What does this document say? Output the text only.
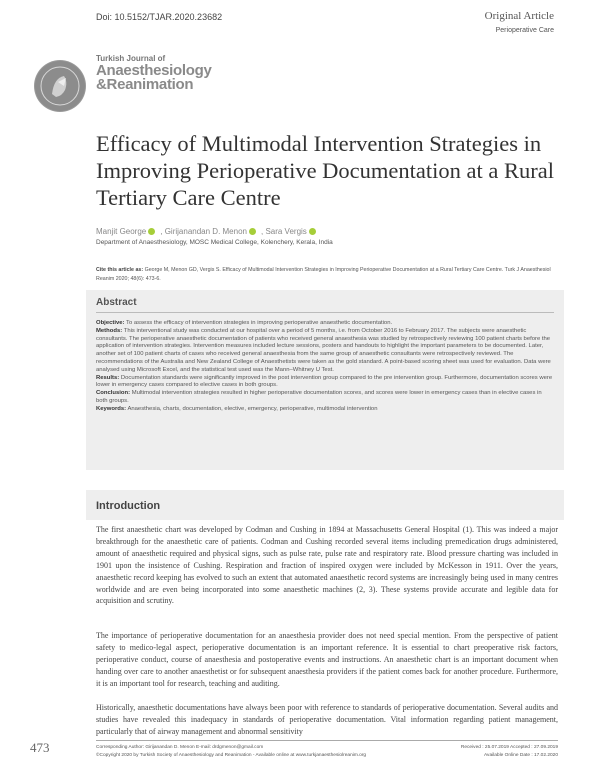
Doi: 10.5152/TJAR.2020.23682	Original Article
Perioperative Care
Turkish Journal of
Anaesthesiology
&Reanimation
Efficacy of Multimodal Intervention Strategies in Improving Perioperative Documentation at a Rural Tertiary Care Centre
Manjit George , Girijanandan D. Menon , Sara Vergis
Department of Anaesthesiology, MOSC Medical College, Kolenchery, Kerala, India
Cite this article as: George M, Menon GD, Vergis S. Efficacy of Multimodal Intervention Strategies in Improving Perioperative Documentation at a Rural Tertiary Care Centre. Turk J Anaesthesiol Reanim 2020; 48(6): 473-6.
Abstract
Objective: To assess the efficacy of intervention strategies in improving perioperative anaesthetic documentation.
Methods: This interventional study was conducted at our hospital over a period of 5 months, i.e. from October 2016 to February 2017. The subjects were anaesthetic consultants. The perioperative anaesthetic documentation of patients who received general anaesthesia was studied by retrospectively reviewing 100 patient charts before the application of intervention strategies. Intervention measures included lecture sessions, posters and handouts to highlight the important parameters to be documented. Later, another set of 100 patient charts of cases who received general anaesthesia from the same group of anaesthetic consultants were retrospectively reviewed. The recommendations of the Australia and New Zealand College of Anaesthetists were taken as the gold standard. A point-based scoring sheet was used for evaluation. Data were analysed using Microsoft Excel, and the statistical test used was the Mann–Whitney U Test.
Results: Documentation standards were significantly improved in the post intervention group compared to the pre intervention group. Furthermore, documentation scores were lower in emergency cases compared to elective cases in both groups.
Conclusion: Multimodal intervention strategies resulted in higher perioperative documentation scores, and scores were lower in emergency cases than in elective cases in both groups.
Keywords: Anaesthesia, charts, documentation, elective, emergency, perioperative, multimodal intervention
Introduction
The first anaesthetic chart was developed by Codman and Cushing in 1894 at Massachusetts General Hospital (1). This was indeed a major breakthrough for the anaesthetic care of patients. Codman and Cushing recorded several items including premedication drugs administered, amount of anaesthetic required and physical signs, such as pulse rate, pulse rate and respiratory rate. Blood pressure charting was included in 1901 upon the insistence of Cushing. Respiration and fraction of inspired oxygen were included by McKesson in 1911. Over the years, anaesthetic record keeping has evolved to such an extent that automated anaesthetic record systems are increasingly being used in many centres worldwide and are even being incorporated into some anaesthetic machines (2, 3). These systems provide accurate and legible data for acquisition and scrutiny.
The importance of perioperative documentation for an anaesthesia provider does not need special mention. From the perspective of patient safety to medico-legal aspect, perioperative documentation is an important reference. It is essential to chart preoperative risk factors, perioperative conduct, course of anaesthesia and postoperative events and instructions. An anaesthetic chart is an important document when handing over care to another anaesthetist or for subsequent anaesthesia providers if the patient comes back for another procedure. Furthermore, it is an important tool for research, teaching and auditing.
Historically, anaesthetic documentations have always been poor with reference to standards of perioperative documentation. Several audits and studies have revealed this inadequacy in standards of perioperative documentation. Vital information regarding patient management, particularly that of airway management and abnormal sensitivity
473	Corresponding Author: Girijanandan D. Menon E-mail: drdgmenon@gmail.com
©Copyright 2020 by Turkish Society of Anaesthesiology and Reanimation - Available online at www.turkjanaesthesiolreanim.org
Received : 25.07.2019 Accepted : 27.09.2019
Available Online Date : 17.02.2020
